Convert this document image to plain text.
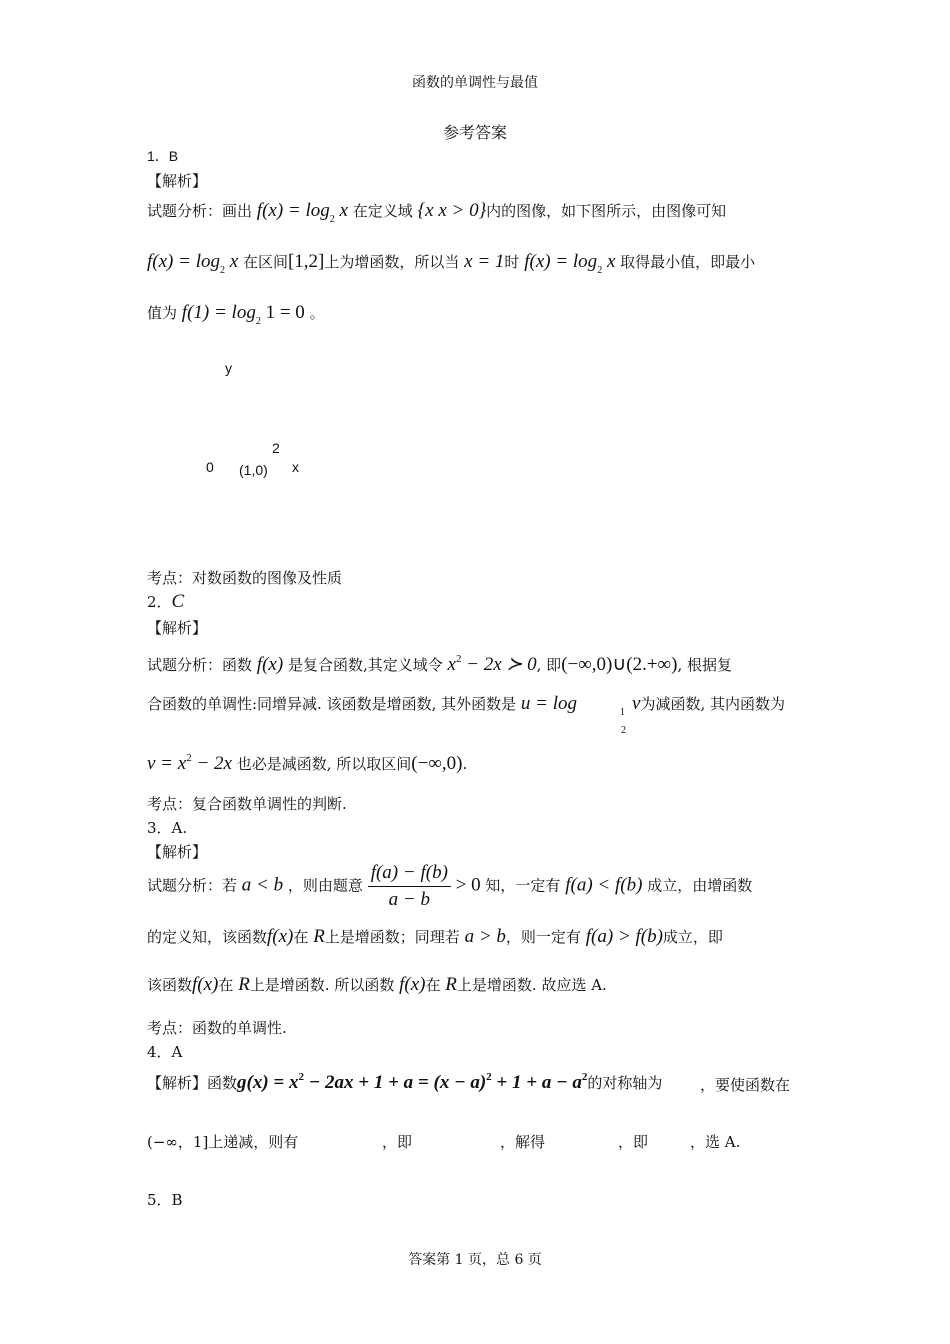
函数的单调性与最值
参考答案
1．B
【解析】
试题分析：画出 $f(x) = \log_2 x$ 在定义域 {x x > 0}内的图像，如下图所示，由图像可知
$f(x) = \log_2 x$ 在区间[1,2]上为增函数，所以当 x = 1时 $f(x) = \log_2 x$ 取得最小值，即最小
值为 $f(1) = \log_2 1 = 0$ 。
y
2
0 (1,0) x
考点：对数函数的图像及性质
2．C
【解析】
试题分析：函数 f(x) 是复合函数,其定义域令 $x^2 - 2x$ ≻ 0, 即(−∞,0)∪(2.+∞), 根据复
合函数的单调性:同增异减. 该函数是增函数, 其外函数是 u = log	1
2
v为减函数, 其内函数为
$v = x^2 - 2x$ 也必是减函数, 所以取区间(−∞,0).
考点：复合函数单调性的判断.
3．A.
【解析】
试题分析：若 a < b ，则由题意 $\frac{f(a) - f(b)}{a - b} > 0$ 知，一定有 f(a) < f(b) 成立，由增函数
的定义知，该函数f(x)在 R上是增函数；同理若 a > b，则一定有 f(a) > f(b)成立，即
该函数f(x)在 R上是增函数. 所以函数 f(x)在 R上是增函数. 故应选 A.
考点：函数的单调性.
4．A
【解析】函数$g(x) = x^2 - 2ax + 1 + a = (x - a)^2 + 1 + a - a^2$的对称轴为	，要使函数在
(−∞，1]上递减，则有	，即	，解得	，即	，选 A.
5．B
答案第 1 页，总 6 页
